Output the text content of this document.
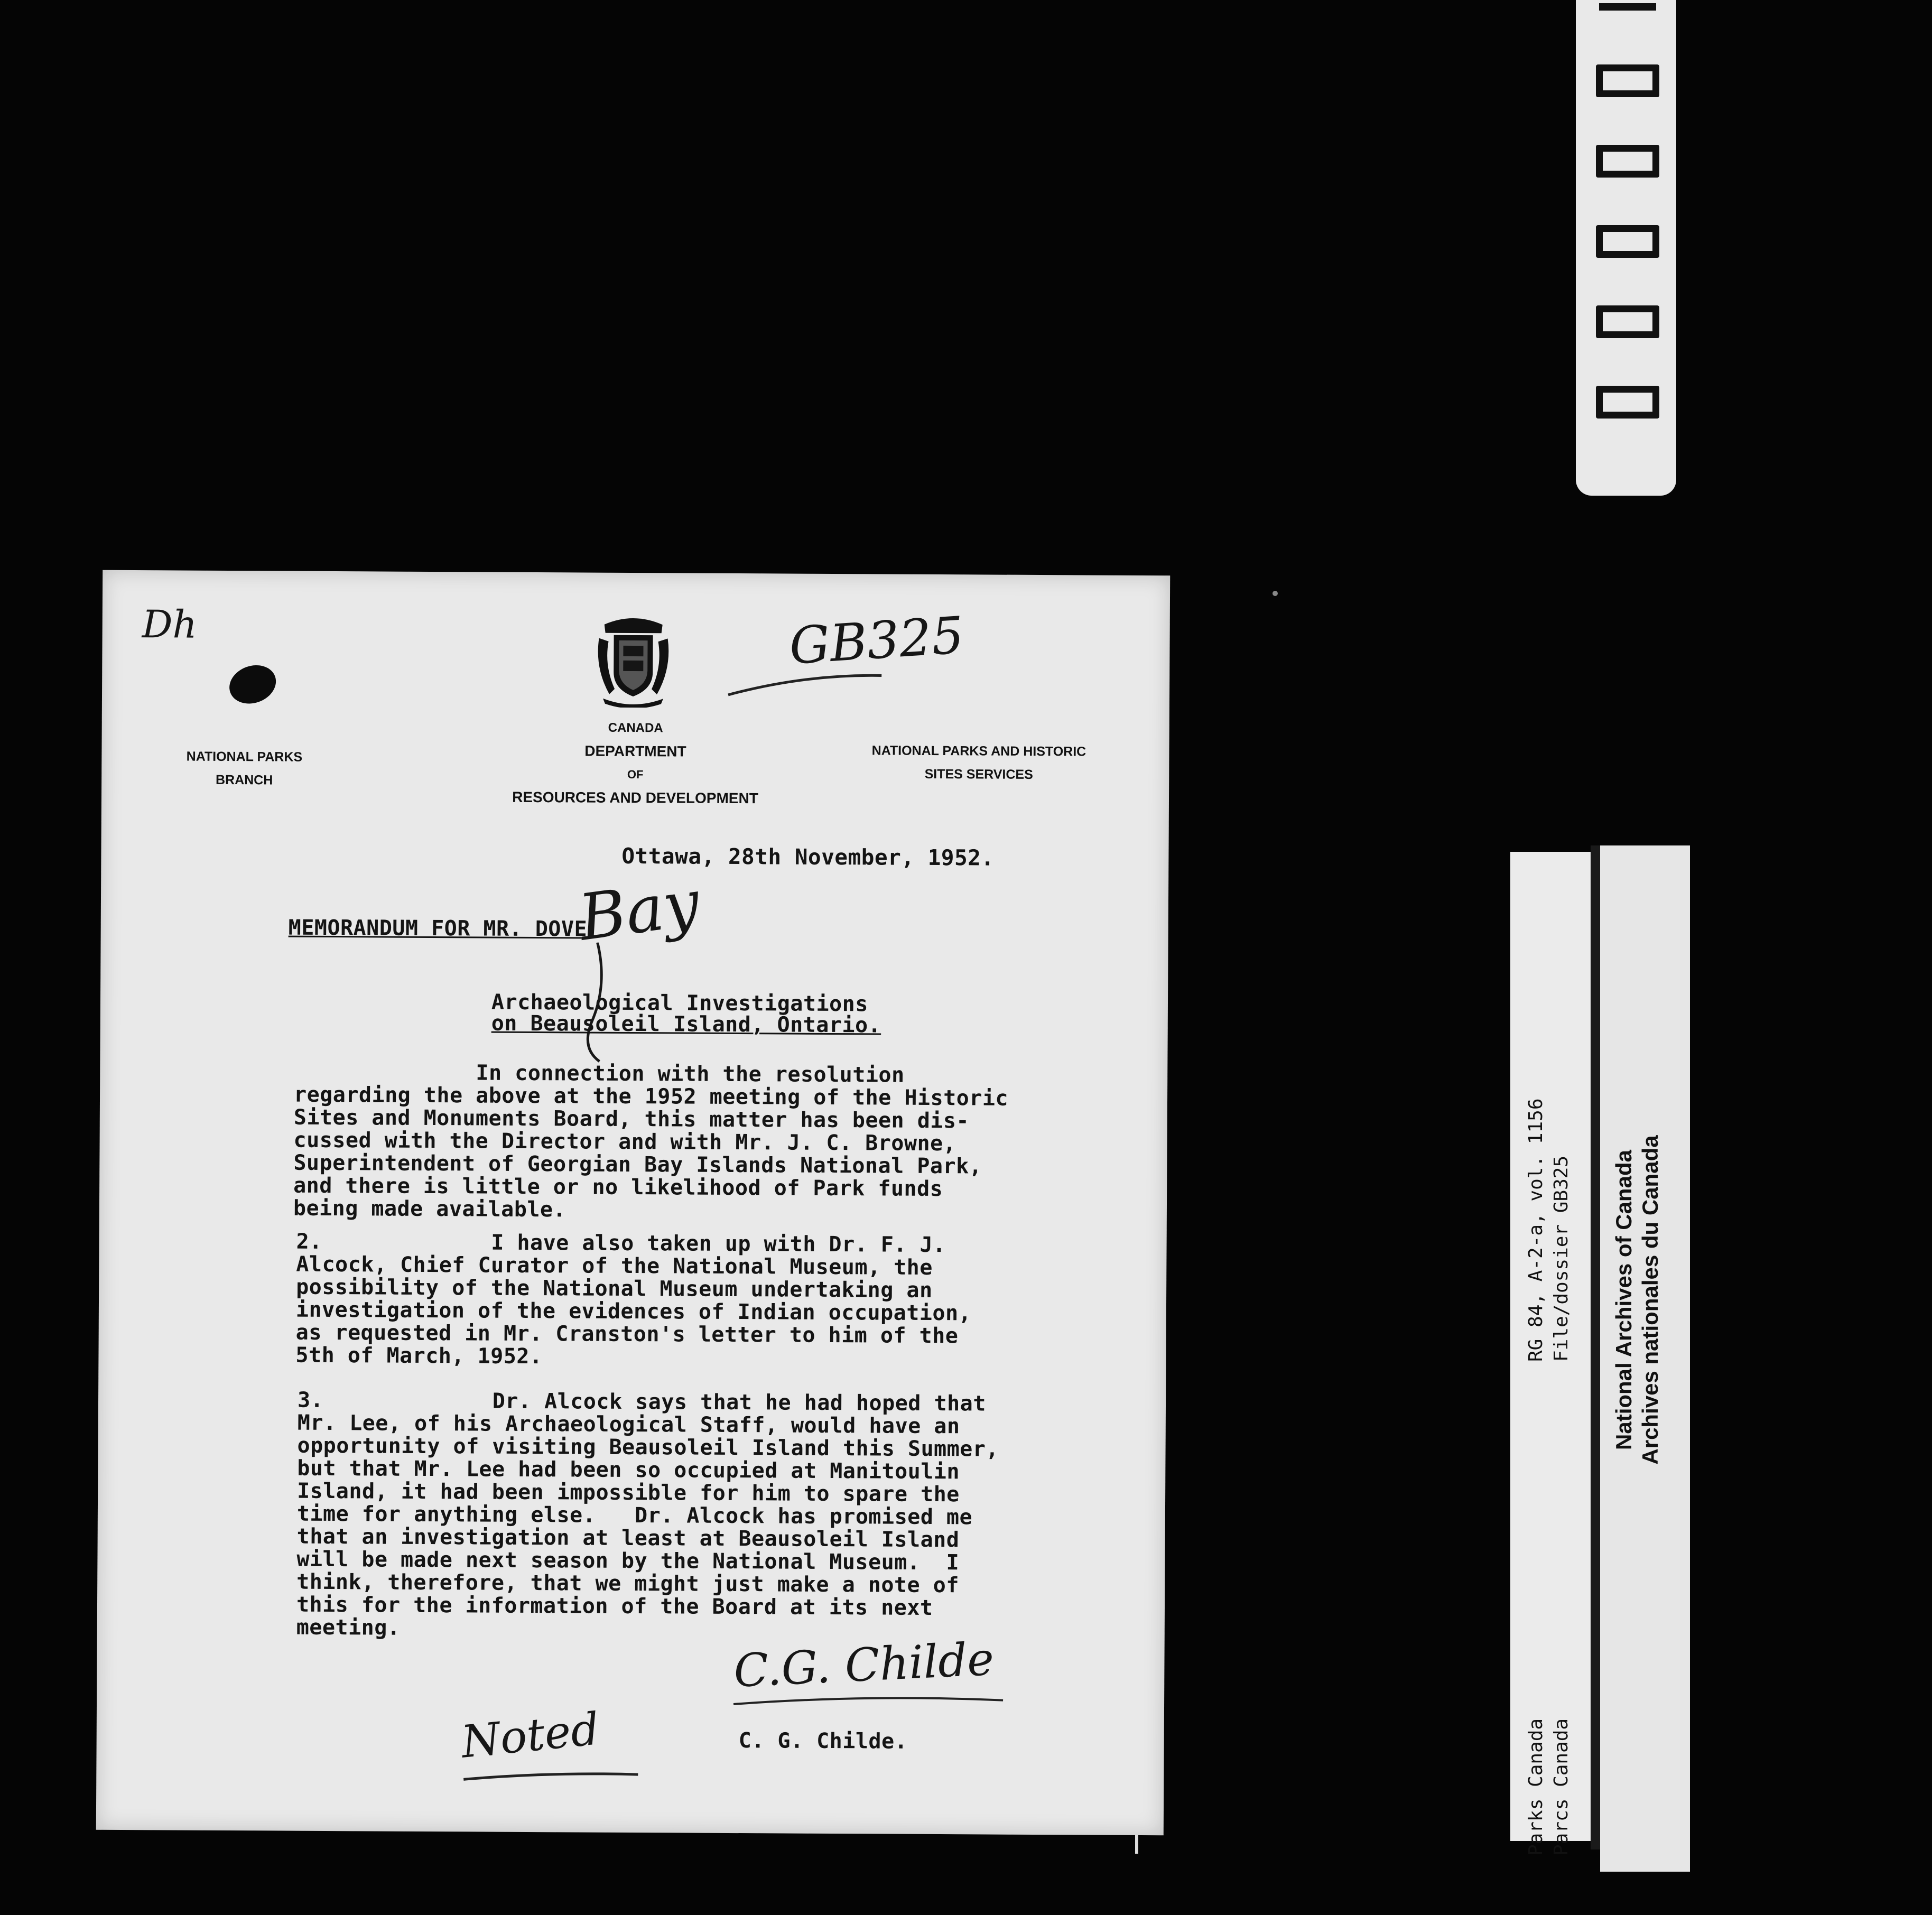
Dh
NATIONAL PARKS
BRANCH
CANADA
DEPARTMENT
OF
RESOURCES AND DEVELOPMENT
GB325
NATIONAL PARKS AND HISTORIC
SITES SERVICES
Ottawa, 28th November, 1952.
MEMORANDUM FOR MR. DOVE
Bay
Archaeological Investigations
on Beausoleil Island, Ontario.
In connection with the resolution
regarding the above at the 1952 meeting of the Historic
Sites and Monuments Board, this matter has been dis-
cussed with the Director and with Mr. J. C. Browne,
Superintendent of Georgian Bay Islands National Park,
and there is little or no likelihood of Park funds
being made available.
2.             I have also taken up with Dr. F. J.
Alcock, Chief Curator of the National Museum, the
possibility of the National Museum undertaking an
investigation of the evidences of Indian occupation,
as requested in Mr. Cranston's letter to him of the
5th of March, 1952.
3.             Dr. Alcock says that he had hoped that
Mr. Lee, of his Archaeological Staff, would have an
opportunity of visiting Beausoleil Island this Summer,
but that Mr. Lee had been so occupied at Manitoulin
Island, it had been impossible for him to spare the
time for anything else.   Dr. Alcock has promised me
that an investigation at least at Beausoleil Island
will be made next season by the National Museum.  I
think, therefore, that we might just make a note of
this for the information of the Board at its next
meeting.
C.G. Childe
C. G. Childe.
Noted
RG 84, A-2-a, vol. 1156 File/dossier GB325
Parks Canada Parcs Canada
National Archives of Canada Archives nationales du Canada
